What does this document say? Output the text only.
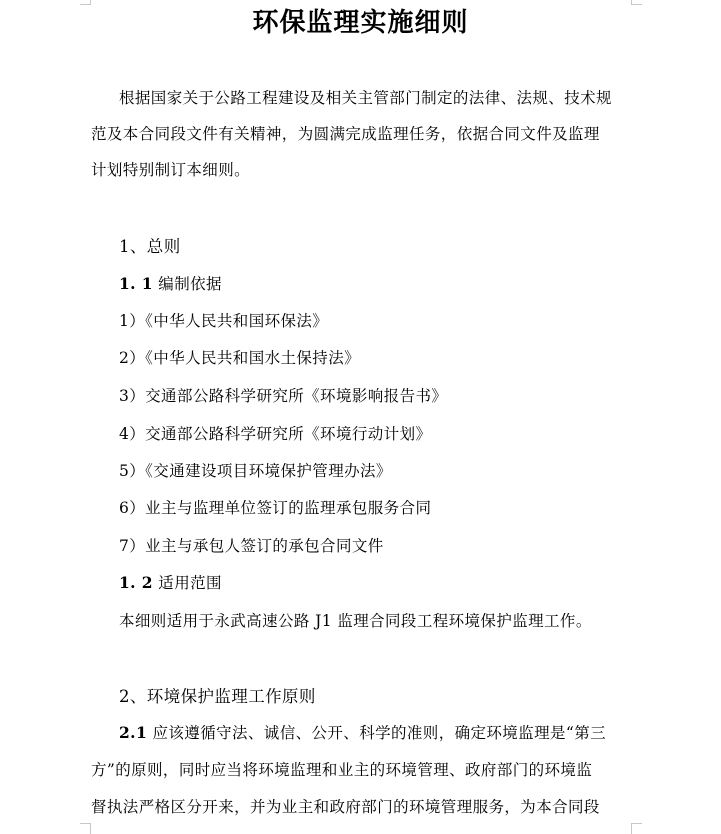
环保监理实施细则
根据国家关于公路工程建设及相关主管部门制定的法律、法规、技术规
范及本合同段文件有关精神，为圆满完成监理任务，依据合同文件及监理
计划特别制订本细则。
1、总则
1. 1 编制依据
1）《中华人民共和国环保法》
2）《中华人民共和国水土保持法》
3）交通部公路科学研究所《环境影响报告书》
4）交通部公路科学研究所《环境行动计划》
5）《交通建设项目环境保护管理办法》
6）业主与监理单位签订的监理承包服务合同
7）业主与承包人签订的承包合同文件
1. 2 适用范围
本细则适用于永武高速公路 J1 监理合同段工程环境保护监理工作。
2、环境保护监理工作原则
2.1 应该遵循守法、诚信、公开、科学的准则，确定环境监理是“第三
方”的原则，同时应当将环境监理和业主的环境管理、政府部门的环境监
督执法严格区分开来，并为业主和政府部门的环境管理服务，为本合同段
